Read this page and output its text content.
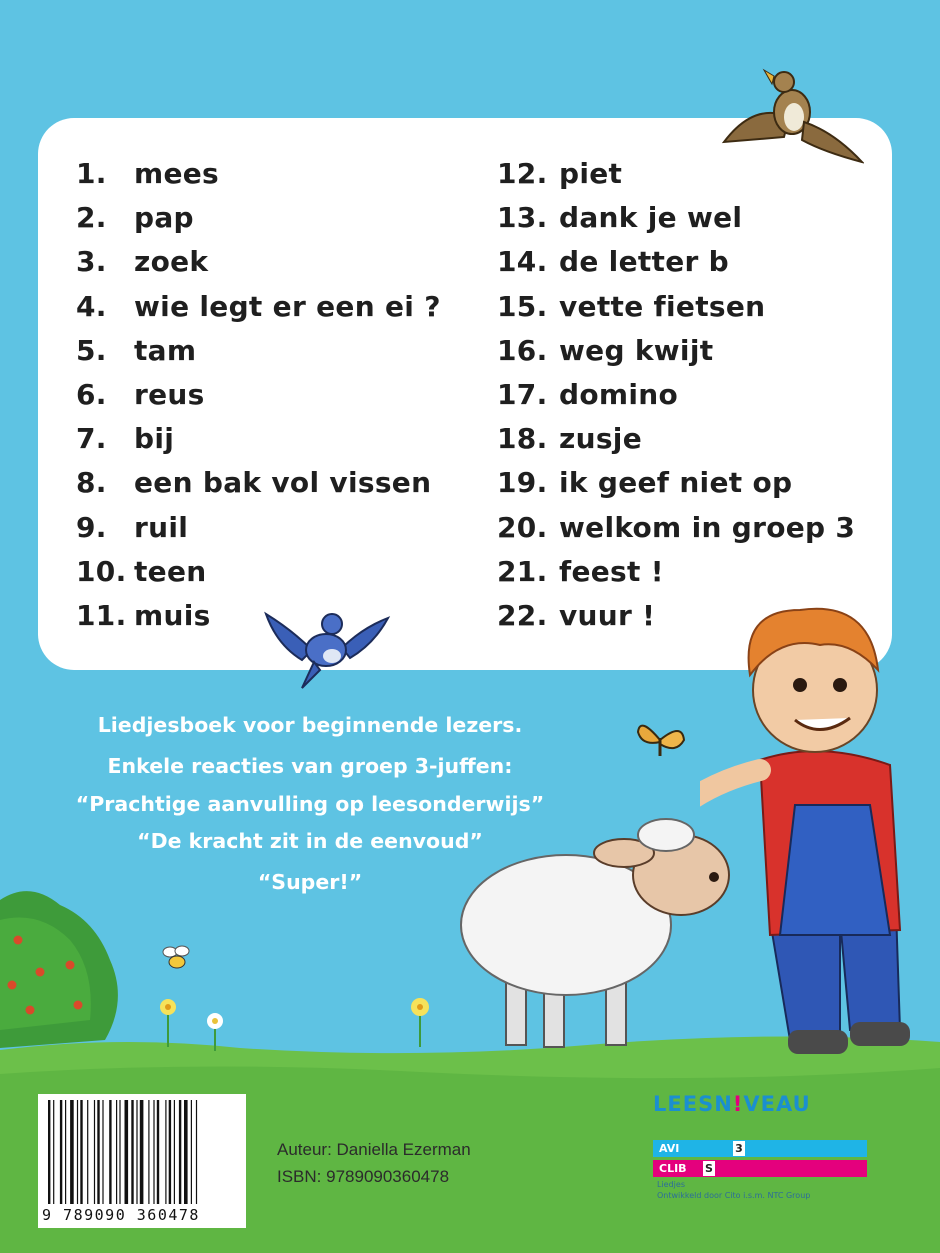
1. mees
2. pap
3. zoek
4. wie legt er een ei ?
5. tam
6. reus
7. bij
8. een bak vol vissen
9. ruil
10. teen
11. muis
12. piet
13. dank je wel
14. de letter b
15. vette fietsen
16. weg kwijt
17. domino
18. zusje
19. ik geef niet op
20. welkom in groep 3
21. feest !
22. vuur !
Liedjesboek voor beginnende lezers.
Enkele reacties van groep 3-juffen:
“Prachtige aanvulling op leesonderwijs”
“De kracht zit in de eenvoud”
“Super!”
9 789090 360478
Auteur: Daniella Ezerman
ISBN: 9789090360478
LEESN!VEAU
AVI	3
CLIB S
Liedjes
Ontwikkeld door Cito i.s.m. NTC Group
